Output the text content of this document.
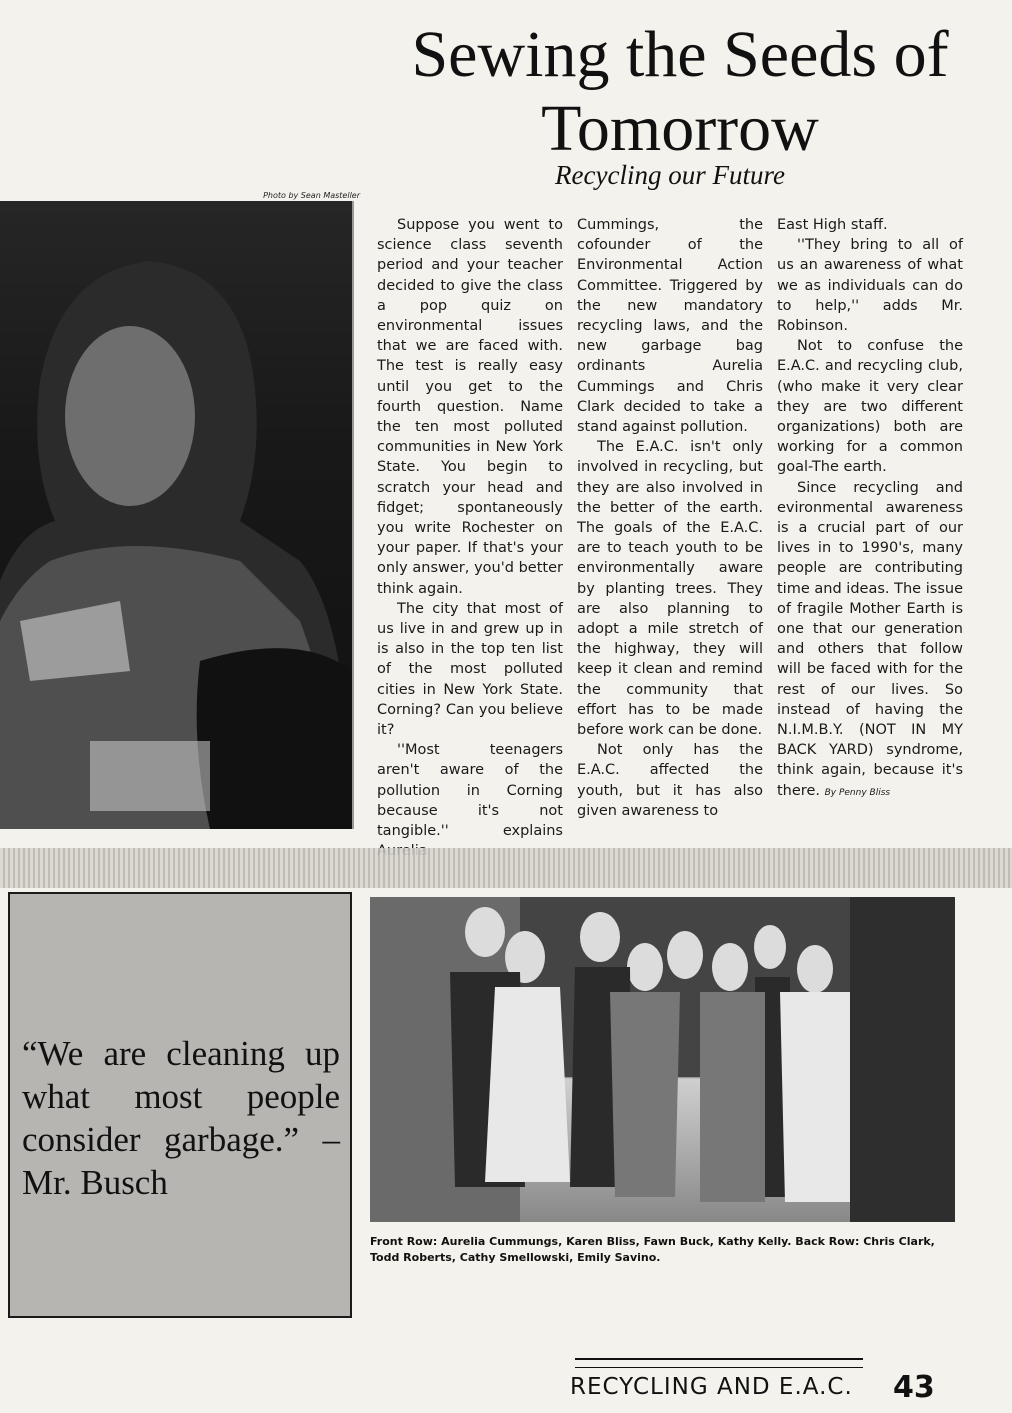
Sewing the Seeds of Tomorrow
Recycling our Future
Photo by Sean Masteller

Suppose you went to science class seventh period and your teacher decided to give the class a pop quiz on environmental issues that we are faced with. The test is really easy until you get to the fourth question. Name the ten most polluted communities in New York State. You begin to scratch your head and fidget; spontaneously you write Rochester on your paper. If that's your only answer, you'd better think again.

The city that most of us live in and grew up in is also in the top ten list of the most polluted cities in New York State. Corning? Can you believe it?

''Most teenagers aren't aware of the pollution in Corning because it's not tangible.'' explains

Cummings, the cofounder of the Environmental Action Committee. Triggered by the new mandatory recycling laws, and the new garbage bag ordinants Aurelia Cummings and Chris Clark decided to take a stand against pollution.

The E.A.C. isn't only involved in recycling, but they are also involved in the better of the earth. The goals of the E.A.C. are to teach youth to be environmentally aware by planting trees. They are also planning to adopt a mile stretch of the highway, they will keep it clean and remind the community that effort has to be made before work can be done.

Not only has the E.A.C. affected the youth, but it has also given awareness to

East High staff.

''They bring to all of us an awareness of what we as individuals can do to help,'' adds Mr. Robinson.

Not to confuse the E.A.C. and recycling club, (who make it very clear they are two different organizations) both are working for a common goal-The earth.

Since recycling and evironmental awareness is a crucial part of our lives in to 1990's, many people are contributing time and ideas. The issue of fragile Mother Earth is one that our generation and others that follow will be faced with for the rest of our lives. So instead of having the N.I.M.B.Y. (NOT IN MY BACK YARD) syndrome, think again, because it's there. By Penny Bliss

“We are cleaning up what most people consider garbage.” – Mr. Busch

Front Row: Aurelia Cummungs, Karen Bliss, Fawn Buck, Kathy Kelly. Back Row: Chris Clark, Todd Roberts, Cathy Smellowski, Emily Savino.

RECYCLING AND E.A.C. 43
